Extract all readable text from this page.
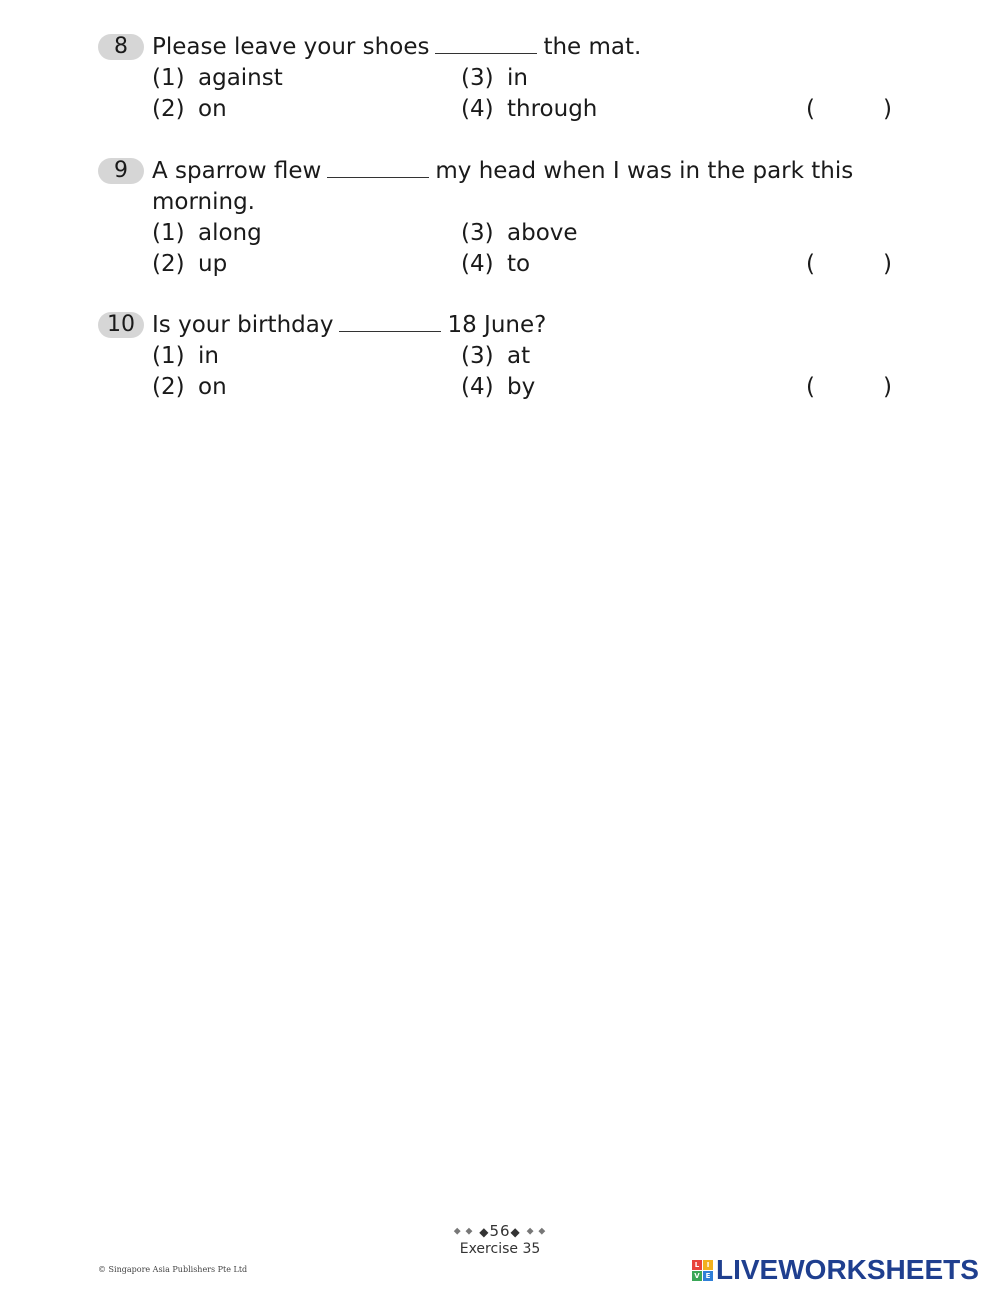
8	Please leave your shoes	the mat.
(1) against	(3) in
(2) on	(4) through	(	)
9	A sparrow flew	my head when I was in the park this
morning.
(1) along	(3) above
(2) up	(4) to	(	)
10 Is your birthday	18 June?
(1) in	(3) at
(2) on	(4) by	(	)
◆ ◆ ◆56◆ ◆ ◆
Exercise 35
© Singapore Asia Publishers Pte Ltd
L	I
V E LIVEWORKSHEETS
